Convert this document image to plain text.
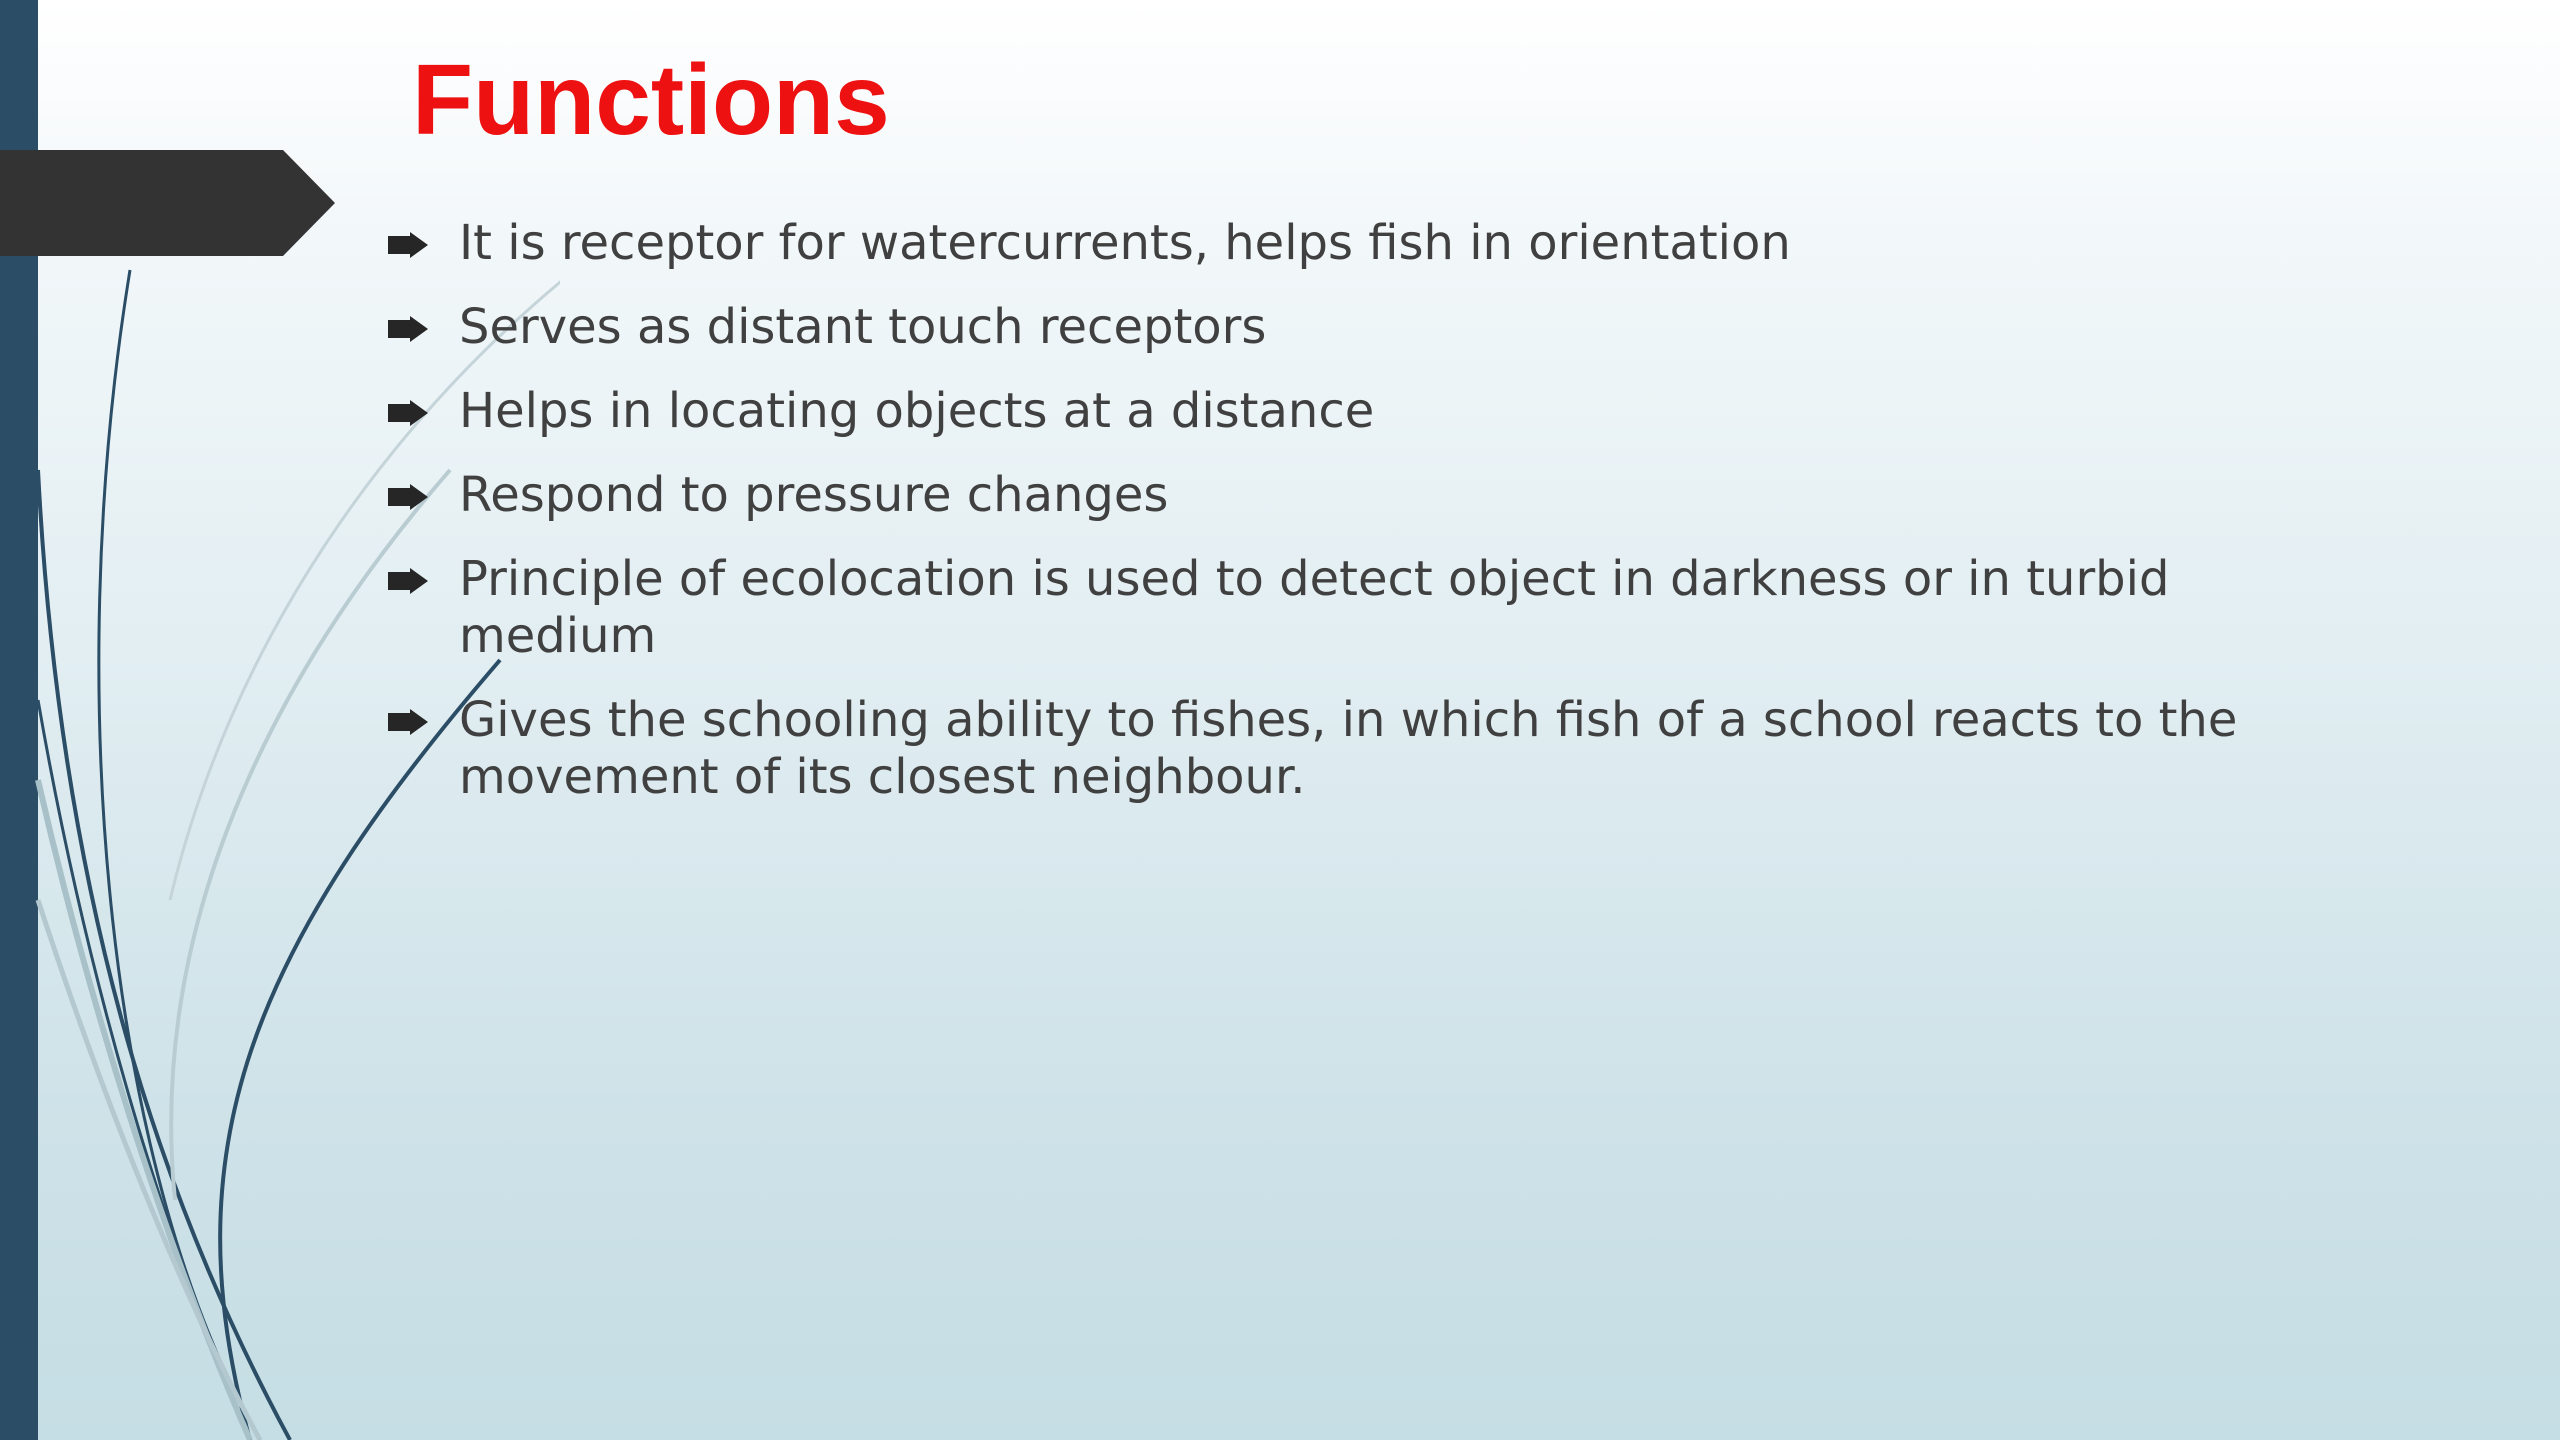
Functions
It is receptor for watercurrents, helps fish in orientation
Serves as distant touch receptors
Helps in locating objects at a distance
Respond to pressure changes
Principle of ecolocation is used to detect object in darkness or in turbid medium
Gives the schooling ability to fishes, in which fish of a school reacts to the movement of its closest neighbour.
